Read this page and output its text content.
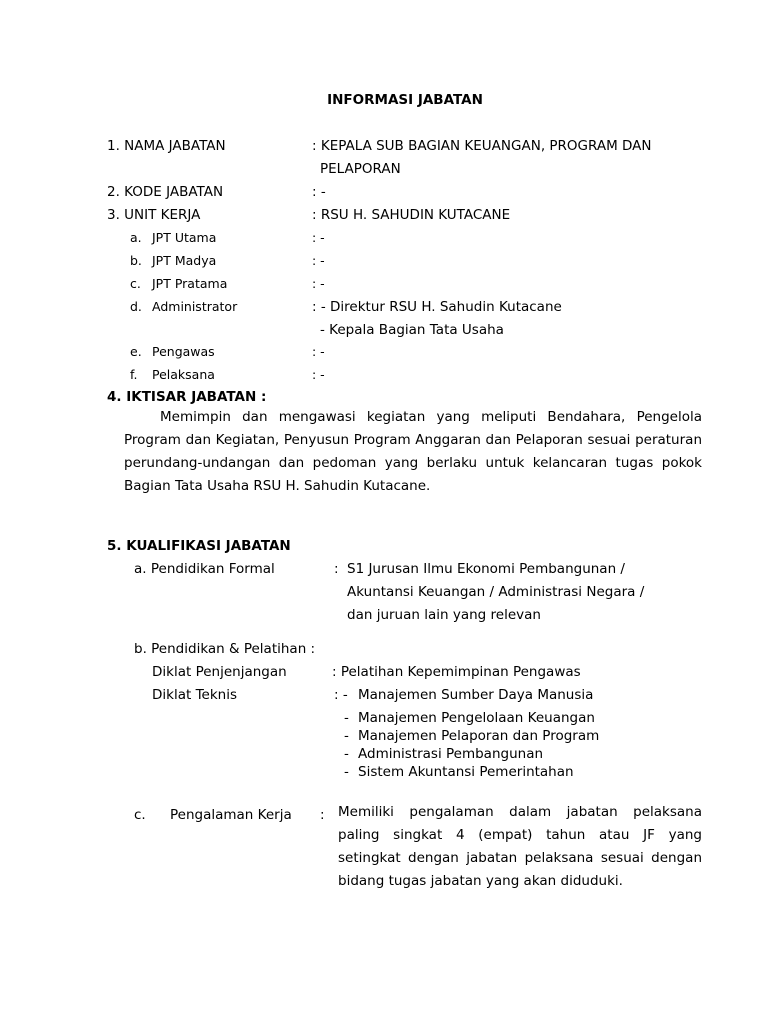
INFORMASI JABATAN
1. NAMA JABATAN	: KEPALA SUB BAGIAN KEUANGAN, PROGRAM DAN
PELAPORAN
2. KODE JABATAN	: -
3. UNIT KERJA	: RSU H. SAHUDIN KUTACANE
a. JPT Utama	: -
b. JPT Madya	: -
c. JPT Pratama	: -
d. Administrator	: - Direktur RSU H. Sahudin Kutacane
- Kepala Bagian Tata Usaha
e. Pengawas	: -
f. Pelaksana	: -
4. IKTISAR JABATAN :
Memimpin dan mengawasi kegiatan yang meliputi Bendahara, Pengelola Program dan Kegiatan, Penyusun Program Anggaran dan Pelaporan sesuai peraturan perundang-undangan dan pedoman yang berlaku untuk kelancaran tugas pokok Bagian Tata Usaha RSU H. Sahudin Kutacane.
5. KUALIFIKASI JABATAN
a. Pendidikan Formal	: S1 Jurusan Ilmu Ekonomi Pembangunan /
Akuntansi Keuangan / Administrasi Negara /
dan juruan lain yang relevan
b. Pendidikan & Pelatihan :
Diklat Penjenjangan	: Pelatihan Kepemimpinan Pengawas
Diklat Teknis	: - Manajemen Sumber Daya Manusia
- Manajemen Pengelolaan Keuangan
- Manajemen Pelaporan dan Program
- Administrasi Pembangunan
- Sistem Akuntansi Pemerintahan
c. Pengalaman Kerja : Memiliki pengalaman dalam jabatan pelaksana paling singkat 4 (empat) tahun atau JF yang setingkat dengan jabatan pelaksana sesuai dengan bidang tugas jabatan yang akan diduduki.
